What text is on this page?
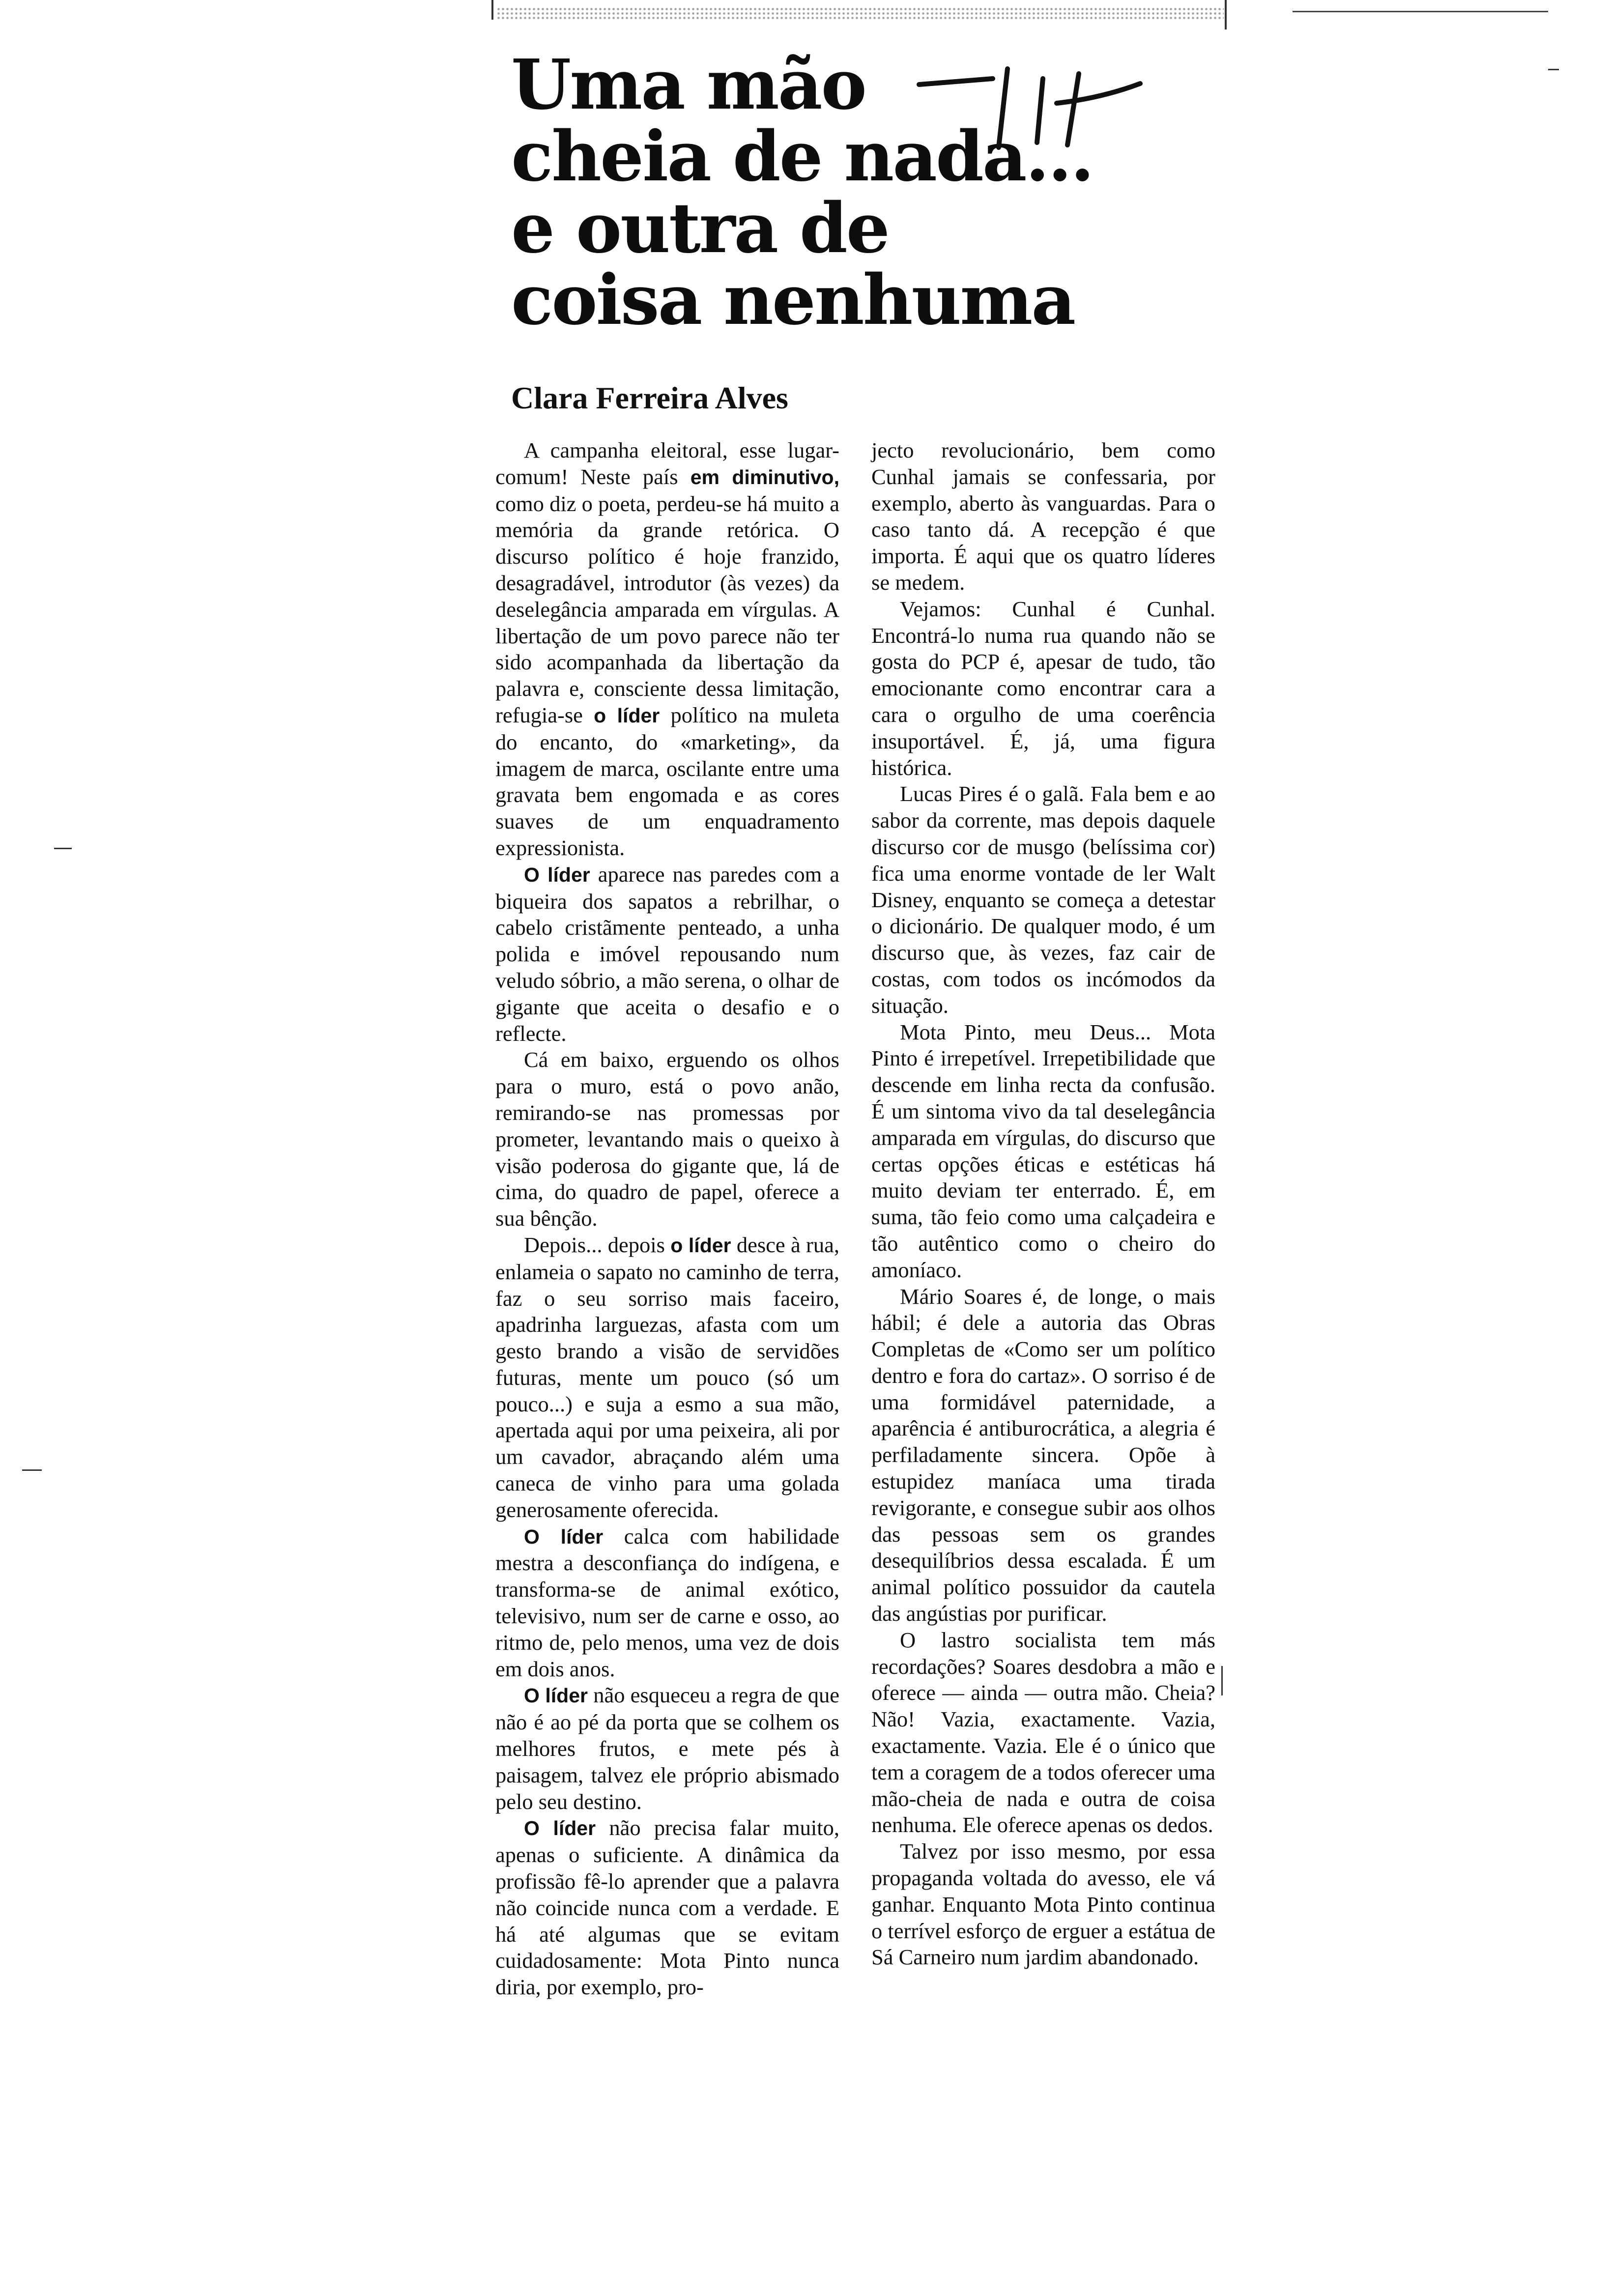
Uma mão
cheia de nada...
e outra de
coisa nenhuma
Clara Ferreira Alves

A campanha eleitoral, esse lugar-comum! Neste país em diminutivo, como diz o poeta, perdeu-se há muito a memória da grande retórica. O discurso político é hoje franzido, desagradável, introdutor (às vezes) da deselegância amparada em vírgulas. A libertação de um povo parece não ter sido acompanhada da libertação da palavra e, consciente dessa limitação, refugia-se o líder político na muleta do encanto, do «marketing», da imagem de marca, oscilante entre uma gravata bem engomada e as cores suaves de um enquadramento expressionista.

O líder aparece nas paredes com a biqueira dos sapatos a rebrilhar, o cabelo cristãmente penteado, a unha polida e imóvel repousando num veludo sóbrio, a mão serena, o olhar de gigante que aceita o desafio e o reflecte.

Cá em baixo, erguendo os olhos para o muro, está o povo anão, remirando-se nas promessas por prometer, levantando mais o queixo à visão poderosa do gigante que, lá de cima, do quadro de papel, oferece a sua bênção.

Depois... depois o líder desce à rua, enlameia o sapato no caminho de terra, faz o seu sorriso mais faceiro, apadrinha larguezas, afasta com um gesto brando a visão de servidões futuras, mente um pouco (só um pouco...) e suja a esmo a sua mão, apertada aqui por uma peixeira, ali por um cavador, abraçando além uma caneca de vinho para uma golada generosamente oferecida.

O líder calca com habilidade mestra a desconfiança do indígena, e transforma-se de animal exótico, televisivo, num ser de carne e osso, ao ritmo de, pelo menos, uma vez de dois em dois anos.

O líder não esqueceu a regra de que não é ao pé da porta que se colhem os melhores frutos, e mete pés à paisagem, talvez ele próprio abismado pelo seu destino.

O líder não precisa falar muito, apenas o suficiente. A dinâmica da profissão fê-lo aprender que a palavra não coincide nunca com a verdade. E há até algumas que se evitam cuidadosamente: Mota Pinto nunca diria, por exemplo, pro-

jecto revolucionário, bem como Cunhal jamais se confessaria, por exemplo, aberto às vanguardas. Para o caso tanto dá. A recepção é que importa. É aqui que os quatro líderes se medem.

Vejamos: Cunhal é Cunhal. Encontrá-lo numa rua quando não se gosta do PCP é, apesar de tudo, tão emocionante como encontrar cara a cara o orgulho de uma coerência insuportável. É, já, uma figura histórica.

Lucas Pires é o galã. Fala bem e ao sabor da corrente, mas depois daquele discurso cor de musgo (belíssima cor) fica uma enorme vontade de ler Walt Disney, enquanto se começa a detestar o dicionário. De qualquer modo, é um discurso que, às vezes, faz cair de costas, com todos os incómodos da situação.

Mota Pinto, meu Deus... Mota Pinto é irrepetível. Irrepetibilidade que descende em linha recta da confusão. É um sintoma vivo da tal deselegância amparada em vírgulas, do discurso que certas opções éticas e estéticas há muito deviam ter enterrado. É, em suma, tão feio como uma calçadeira e tão autêntico como o cheiro do amoníaco.

Mário Soares é, de longe, o mais hábil; é dele a autoria das Obras Completas de «Como ser um político dentro e fora do cartaz». O sorriso é de uma formidável paternidade, a aparência é antiburocrática, a alegria é perfiladamente sincera. Opõe à estupidez maníaca uma tirada revigorante, e consegue subir aos olhos das pessoas sem os grandes desequilíbrios dessa escalada. É um animal político possuidor da cautela das angústias por purificar.

O lastro socialista tem más recordações? Soares desdobra a mão e oferece — ainda — outra mão. Cheia? Não! Vazia, exactamente. Vazia, exactamente. Vazia. Ele é o único que tem a coragem de a todos oferecer uma mão-cheia de nada e outra de coisa nenhuma. Ele oferece apenas os dedos.

Talvez por isso mesmo, por essa propaganda voltada do avesso, ele vá ganhar. Enquanto Mota Pinto continua o terrível esforço de erguer a estátua de Sá Carneiro num jardim abandonado.
